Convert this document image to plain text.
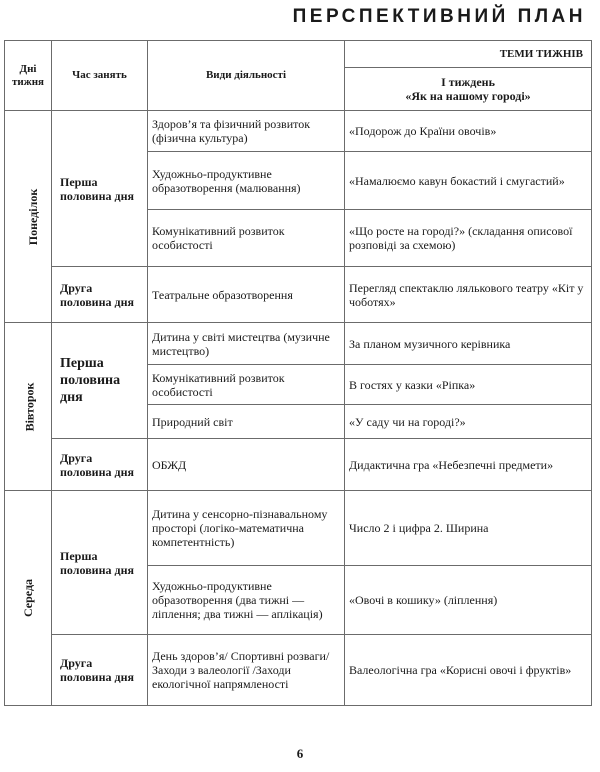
ПЕРСПЕКТИВНИЙ ПЛАН
Дні тижня	Час занять	Види діяльності	ТЕМИ ТИЖНІВ

			І тиждень
«Як на нашому городі»

Понеділок	Перша половина дня	Здоров’я та фізичний розвиток (фізична культура)	«Подорож до Країни овочів»
		Художньо-продуктивне образотворення (малювання)	«Намалюємо кавун бокастий і смугастий»
		Комунікативний розвиток особистості	«Що росте на городі?» (складання описової розповіді за схемою)
	Друга половина дня	Театральне образотворення	Перегляд спектаклю лялькового театру «Кіт у чоботях»
Вівторок	Перша половина дня	Дитина у світі мистецтва (музичне мистецтво)	За планом музичного керівника
		Комунікативний розвиток особистості	В гостях у казки «Ріпка»
		Природний світ	«У саду чи на городі?»
	Друга половина дня	ОБЖД	Дидактична гра «Небезпечні предмети»
Середа	Перша половина дня	Дитина у сенсорно-пізнавальному просторі (логіко-математична компетентність)	Число 2 і цифра 2. Ширина
		Художньо-продуктивне образотворення (два тижні — ліплення; два тижні — аплікація)	«Овочі в кошику» (ліплення)
	Друга половина дня	День здоров’я/ Спортивні розваги/ Заходи з валеології /Заходи екологічної напрямленості	Валеологічна гра «Корисні овочі і фруктів»
6
